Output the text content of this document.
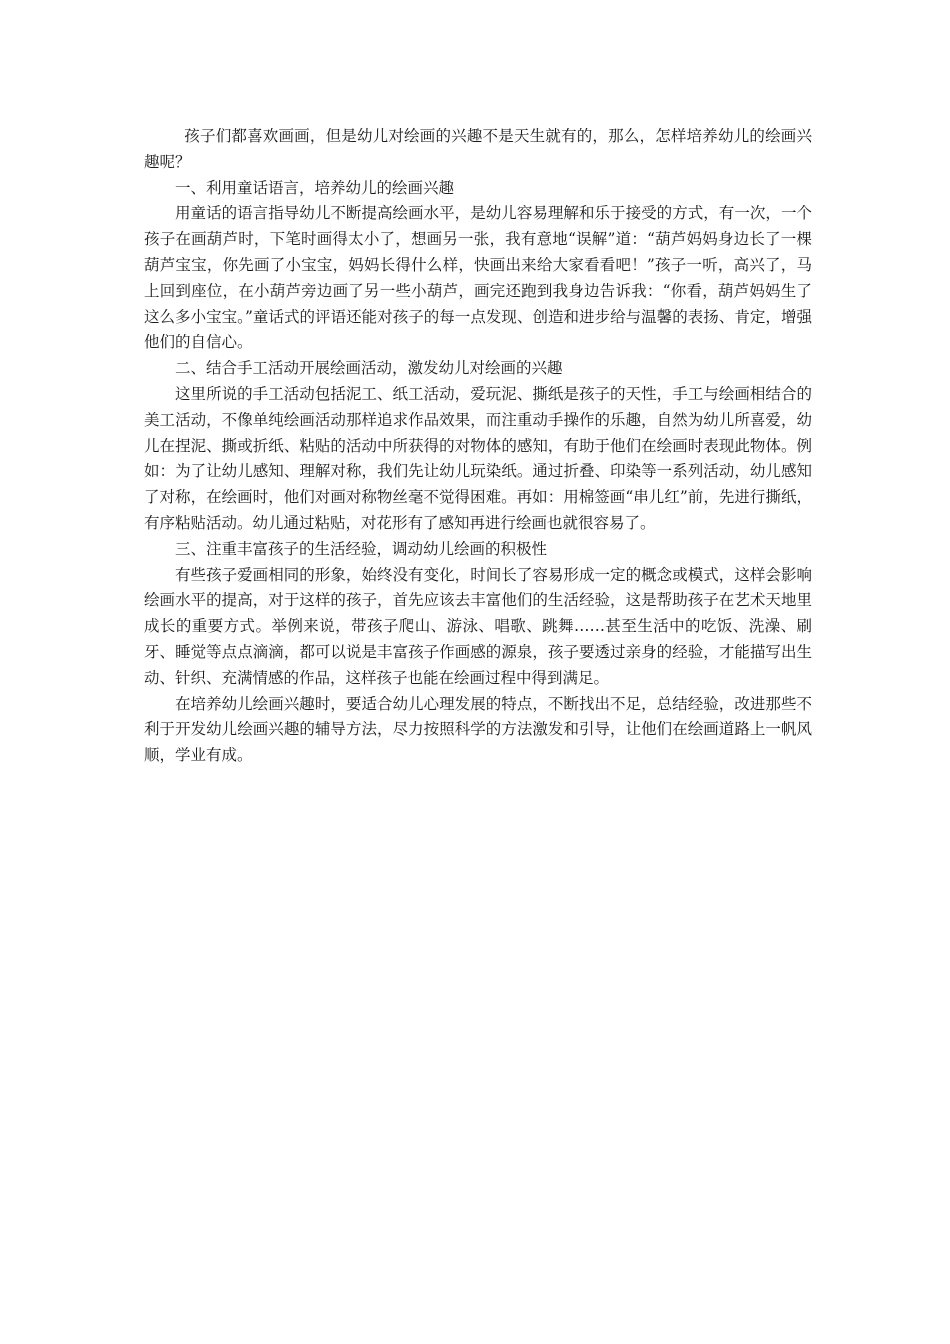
孩子们都喜欢画画，但是幼儿对绘画的兴趣不是天生就有的，那么，怎样培养幼儿的绘画兴趣呢？

一、利用童话语言，培养幼儿的绘画兴趣

用童话的语言指导幼儿不断提高绘画水平，是幼儿容易理解和乐于接受的方式，有一次，一个孩子在画葫芦时，下笔时画得太小了，想画另一张，我有意地“误解”道：“葫芦妈妈身边长了一棵葫芦宝宝，你先画了小宝宝，妈妈长得什么样，快画出来给大家看看吧！”孩子一听，高兴了，马上回到座位，在小葫芦旁边画了另一些小葫芦，画完还跑到我身边告诉我：“你看，葫芦妈妈生了这么多小宝宝。”童话式的评语还能对孩子的每一点发现、创造和进步给与温馨的表扬、肯定，增强他们的自信心。

二、结合手工活动开展绘画活动，激发幼儿对绘画的兴趣

这里所说的手工活动包括泥工、纸工活动，爱玩泥、撕纸是孩子的天性，手工与绘画相结合的美工活动，不像单纯绘画活动那样追求作品效果，而注重动手操作的乐趣，自然为幼儿所喜爱，幼儿在捏泥、撕或折纸、粘贴的活动中所获得的对物体的感知，有助于他们在绘画时表现此物体。例如：为了让幼儿感知、理解对称，我们先让幼儿玩染纸。通过折叠、印染等一系列活动，幼儿感知了对称，在绘画时，他们对画对称物丝毫不觉得困难。再如：用棉签画“串儿红”前，先进行撕纸，有序粘贴活动。幼儿通过粘贴，对花形有了感知再进行绘画也就很容易了。

三、注重丰富孩子的生活经验，调动幼儿绘画的积极性

有些孩子爱画相同的形象，始终没有变化，时间长了容易形成一定的概念或模式，这样会影响绘画水平的提高，对于这样的孩子，首先应该去丰富他们的生活经验，这是帮助孩子在艺术天地里成长的重要方式。举例来说，带孩子爬山、游泳、唱歌、跳舞……甚至生活中的吃饭、洗澡、刷牙、睡觉等点点滴滴，都可以说是丰富孩子作画感的源泉，孩子要透过亲身的经验，才能描写出生动、针织、充满情感的作品，这样孩子也能在绘画过程中得到满足。

在培养幼儿绘画兴趣时，要适合幼儿心理发展的特点，不断找出不足，总结经验，改进那些不利于开发幼儿绘画兴趣的辅导方法，尽力按照科学的方法激发和引导，让他们在绘画道路上一帆风顺，学业有成。
